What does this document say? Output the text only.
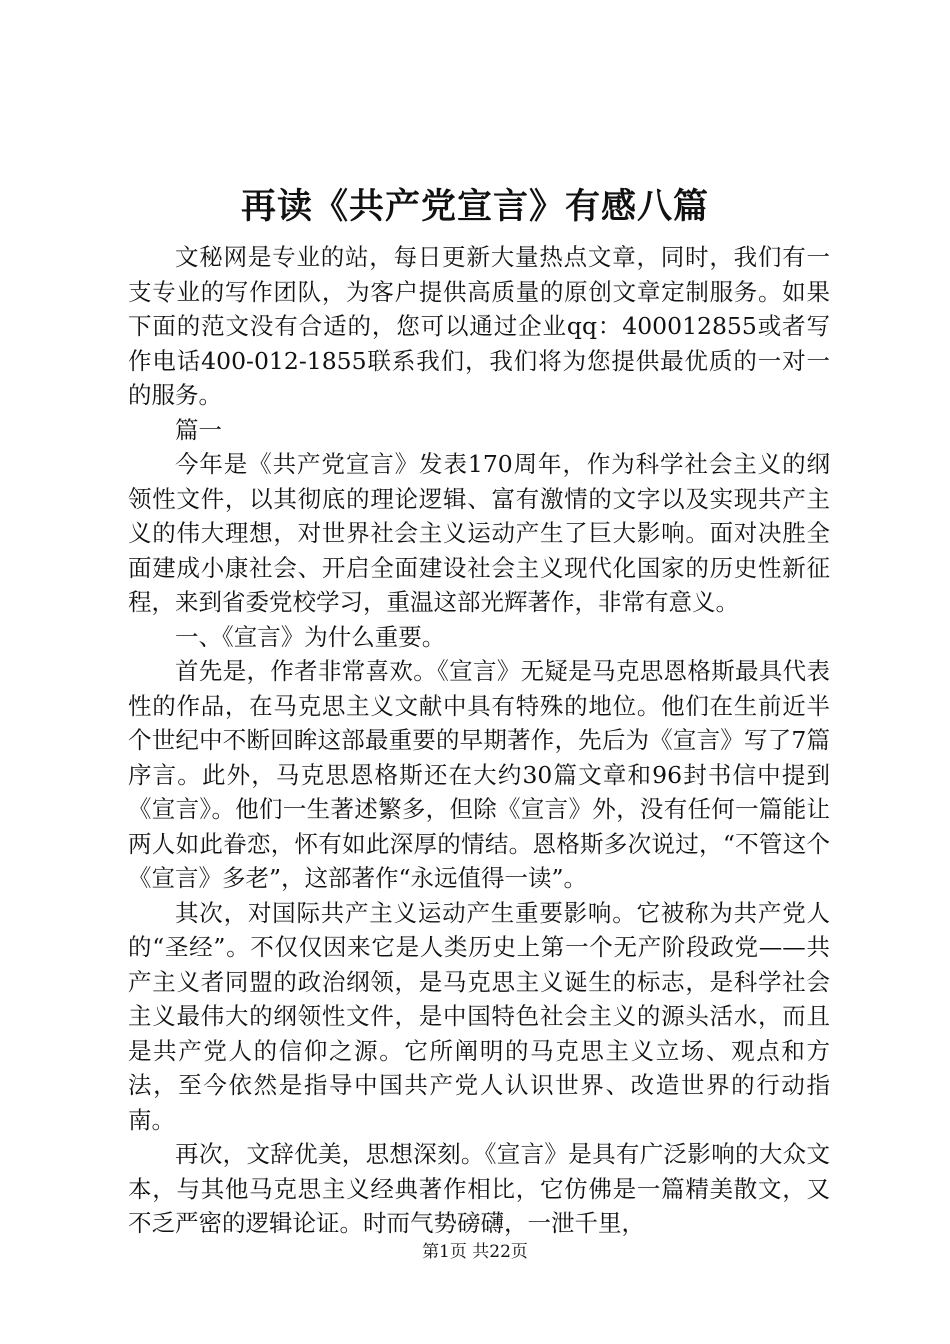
再读《共产党宣言》有感八篇

文秘网是专业的站，每日更新大量热点文章，同时，我们有一支专业的写作团队，为客户提供高质量的原创文章定制服务。如果下面的范文没有合适的，您可以通过企业qq：400012855或者写作电话400-012-1855联系我们，我们将为您提供最优质的一对一的服务。

篇一

今年是《共产党宣言》发表170周年，作为科学社会主义的纲领性文件，以其彻底的理论逻辑、富有激情的文字以及实现共产主义的伟大理想，对世界社会主义运动产生了巨大影响。面对决胜全面建成小康社会、开启全面建设社会主义现代化国家的历史性新征程，来到省委党校学习，重温这部光辉著作，非常有意义。

一、《宣言》为什么重要。

首先是，作者非常喜欢。《宣言》无疑是马克思恩格斯最具代表性的作品，在马克思主义文献中具有特殊的地位。他们在生前近半个世纪中不断回眸这部最重要的早期著作，先后为《宣言》写了7篇序言。此外，马克思恩格斯还在大约30篇文章和96封书信中提到《宣言》。他们一生著述繁多，但除《宣言》外，没有任何一篇能让两人如此眷恋，怀有如此深厚的情结。恩格斯多次说过，“不管这个《宣言》多老”，这部著作“永远值得一读”。

其次，对国际共产主义运动产生重要影响。它被称为共产党人的“圣经”。不仅仅因来它是人类历史上第一个无产阶段政党——共产主义者同盟的政治纲领，是马克思主义诞生的标志，是科学社会主义最伟大的纲领性文件，是中国特色社会主义的源头活水，而且是共产党人的信仰之源。它所阐明的马克思主义立场、观点和方法，至今依然是指导中国共产党人认识世界、改造世界的行动指南。

再次，文辞优美，思想深刻。《宣言》是具有广泛影响的大众文本，与其他马克思主义经典著作相比，它仿佛是一篇精美散文，又不乏严密的逻辑论证。时而气势磅礴，一泄千里，

第1页 共22页
